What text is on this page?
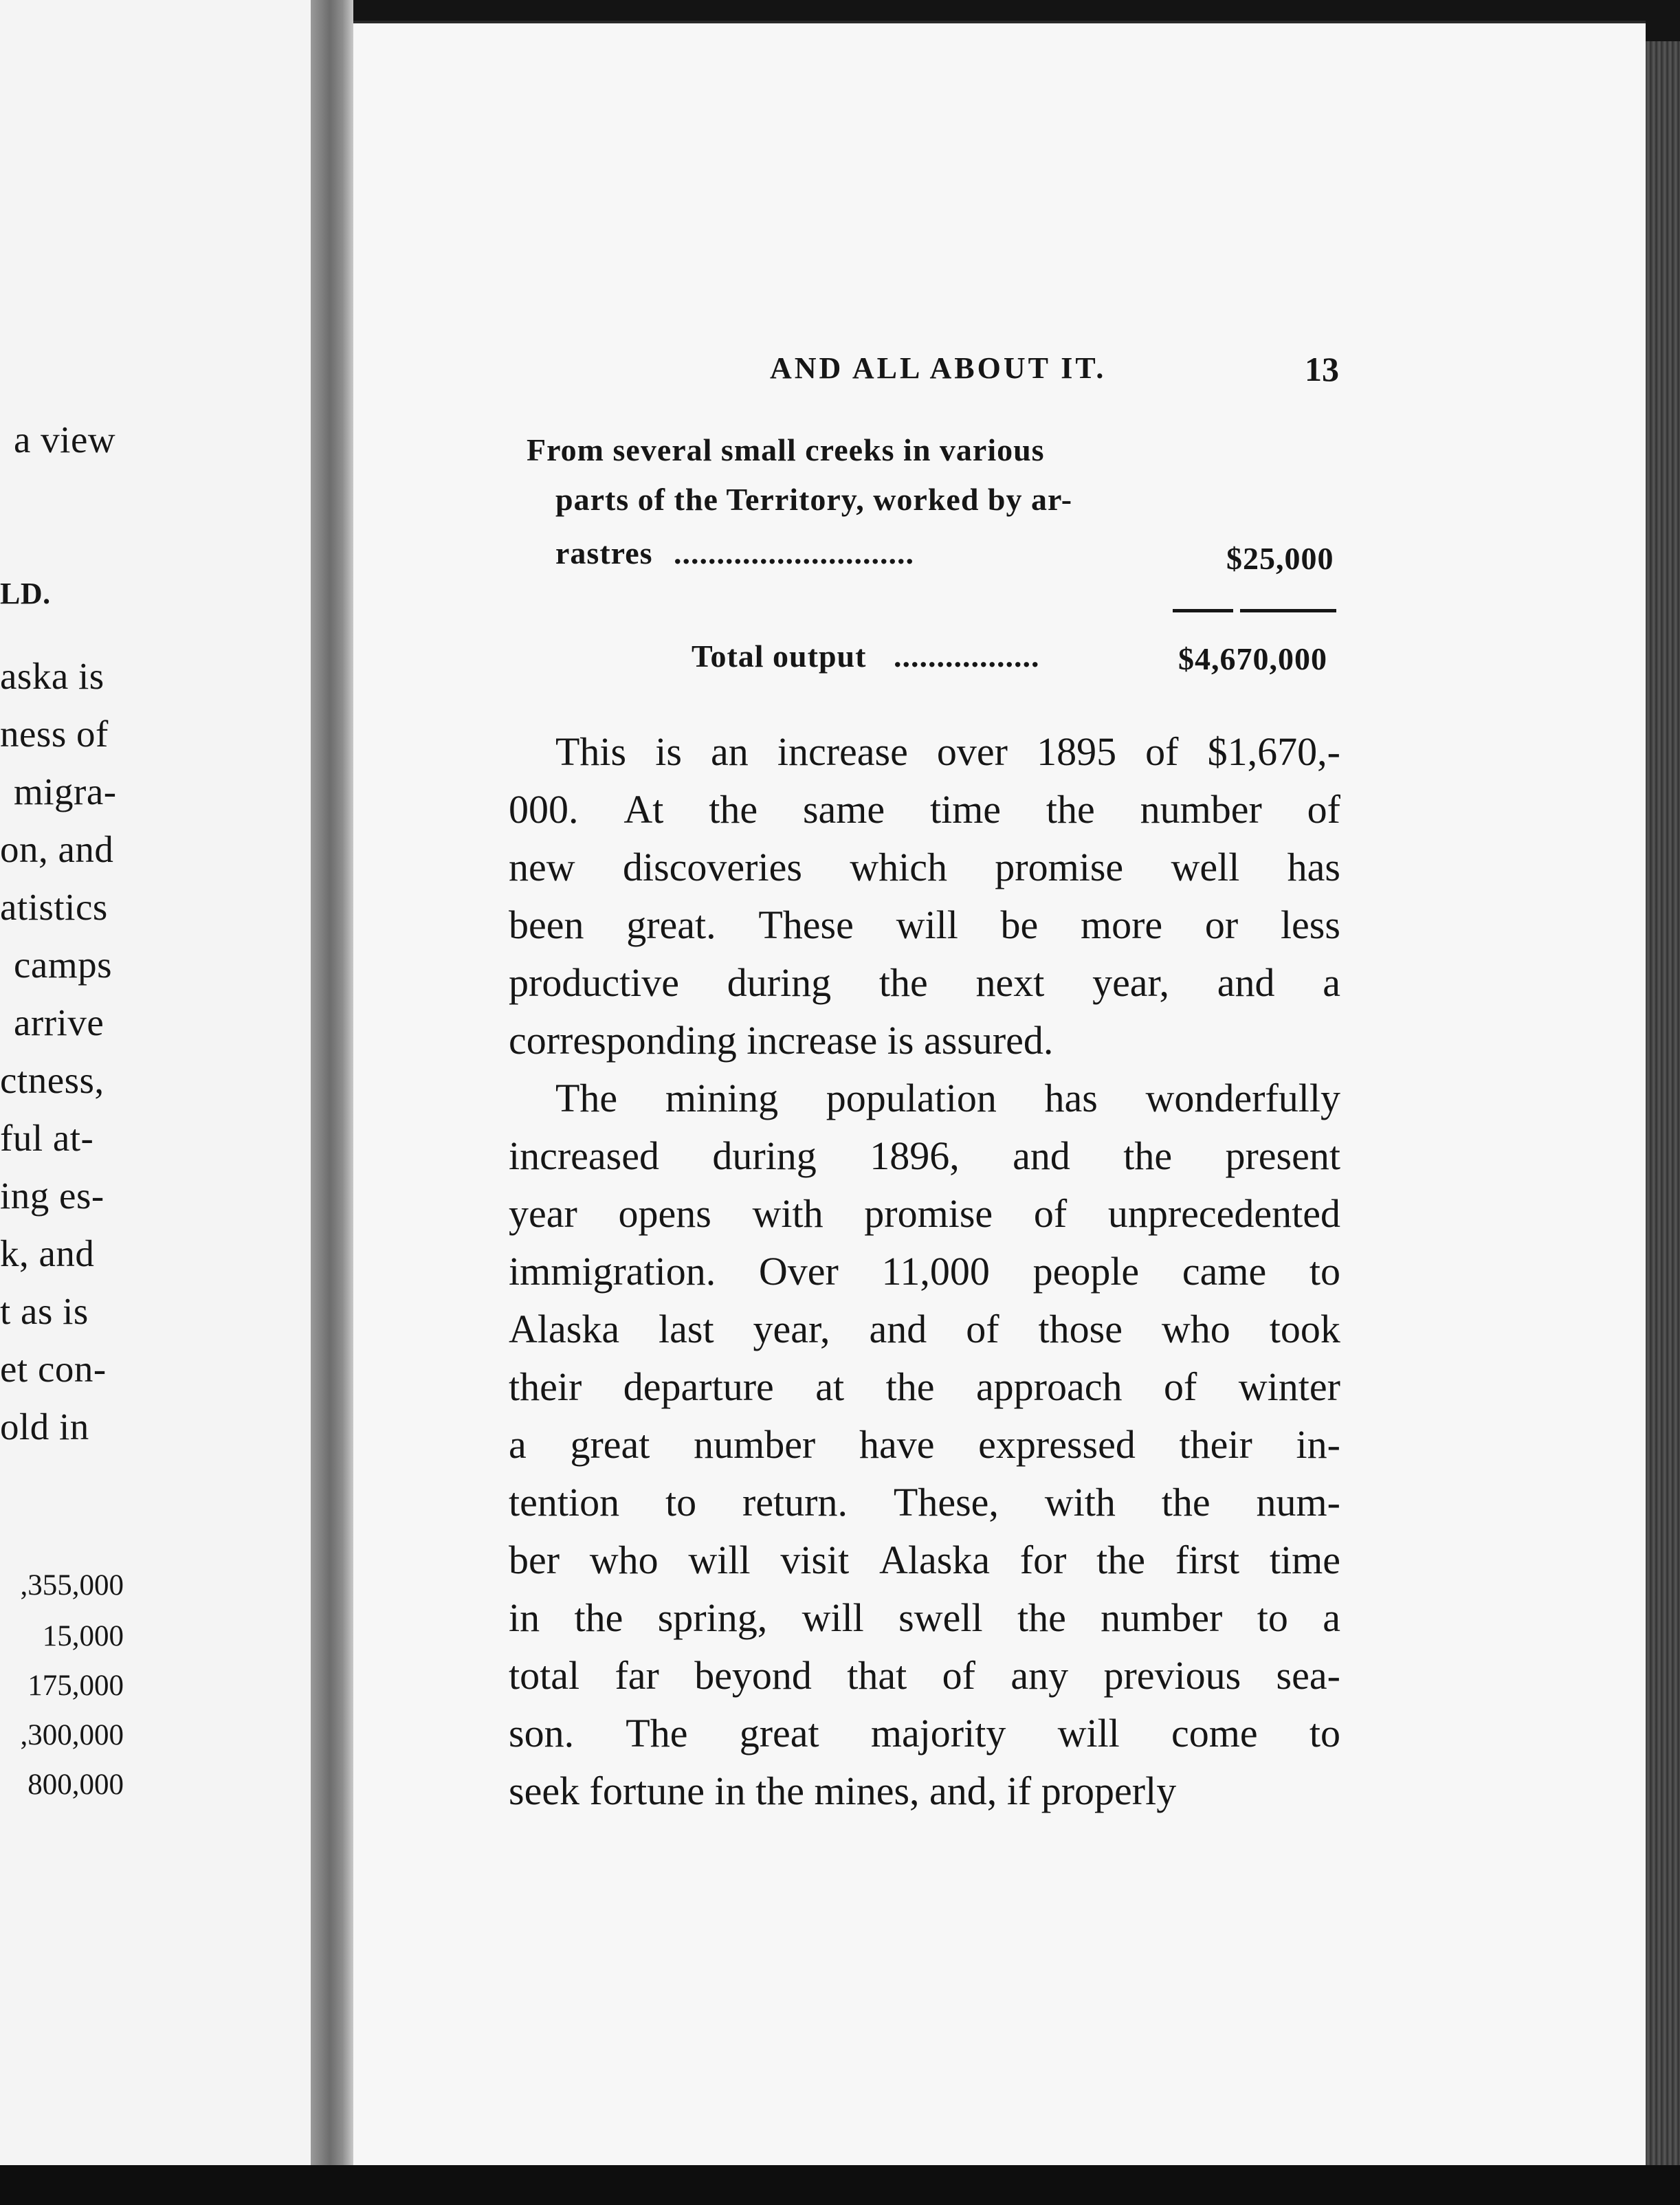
a view
LD.
aska is
ness of
migra-
on, and
atistics
camps
arrive
ctness,
ful at-
ing es-
k, and
t as is
et con-
old in
,355,000
15,000
175,000
,300,000
800,000
AND ALL ABOUT IT.	13
From several small creeks in various
parts of the Territory, worked by ar-
rastres ............................	$25,000
Total output .................	$4,670,000
This is an increase over 1895 of $1,670,-
000. At the same time the number of
new discoveries which promise well has
been great. These will be more or less
productive during the next year, and a
corresponding increase is assured.
The mining population has wonderfully
increased during 1896, and the present
year opens with promise of unprecedented
immigration. Over 11,000 people came to
Alaska last year, and of those who took
their departure at the approach of winter
a great number have expressed their in-
tention to return. These, with the num-
ber who will visit Alaska for the first time
in the spring, will swell the number to a
total far beyond that of any previous sea-
son. The great majority will come to
seek fortune in the mines, and, if properly
